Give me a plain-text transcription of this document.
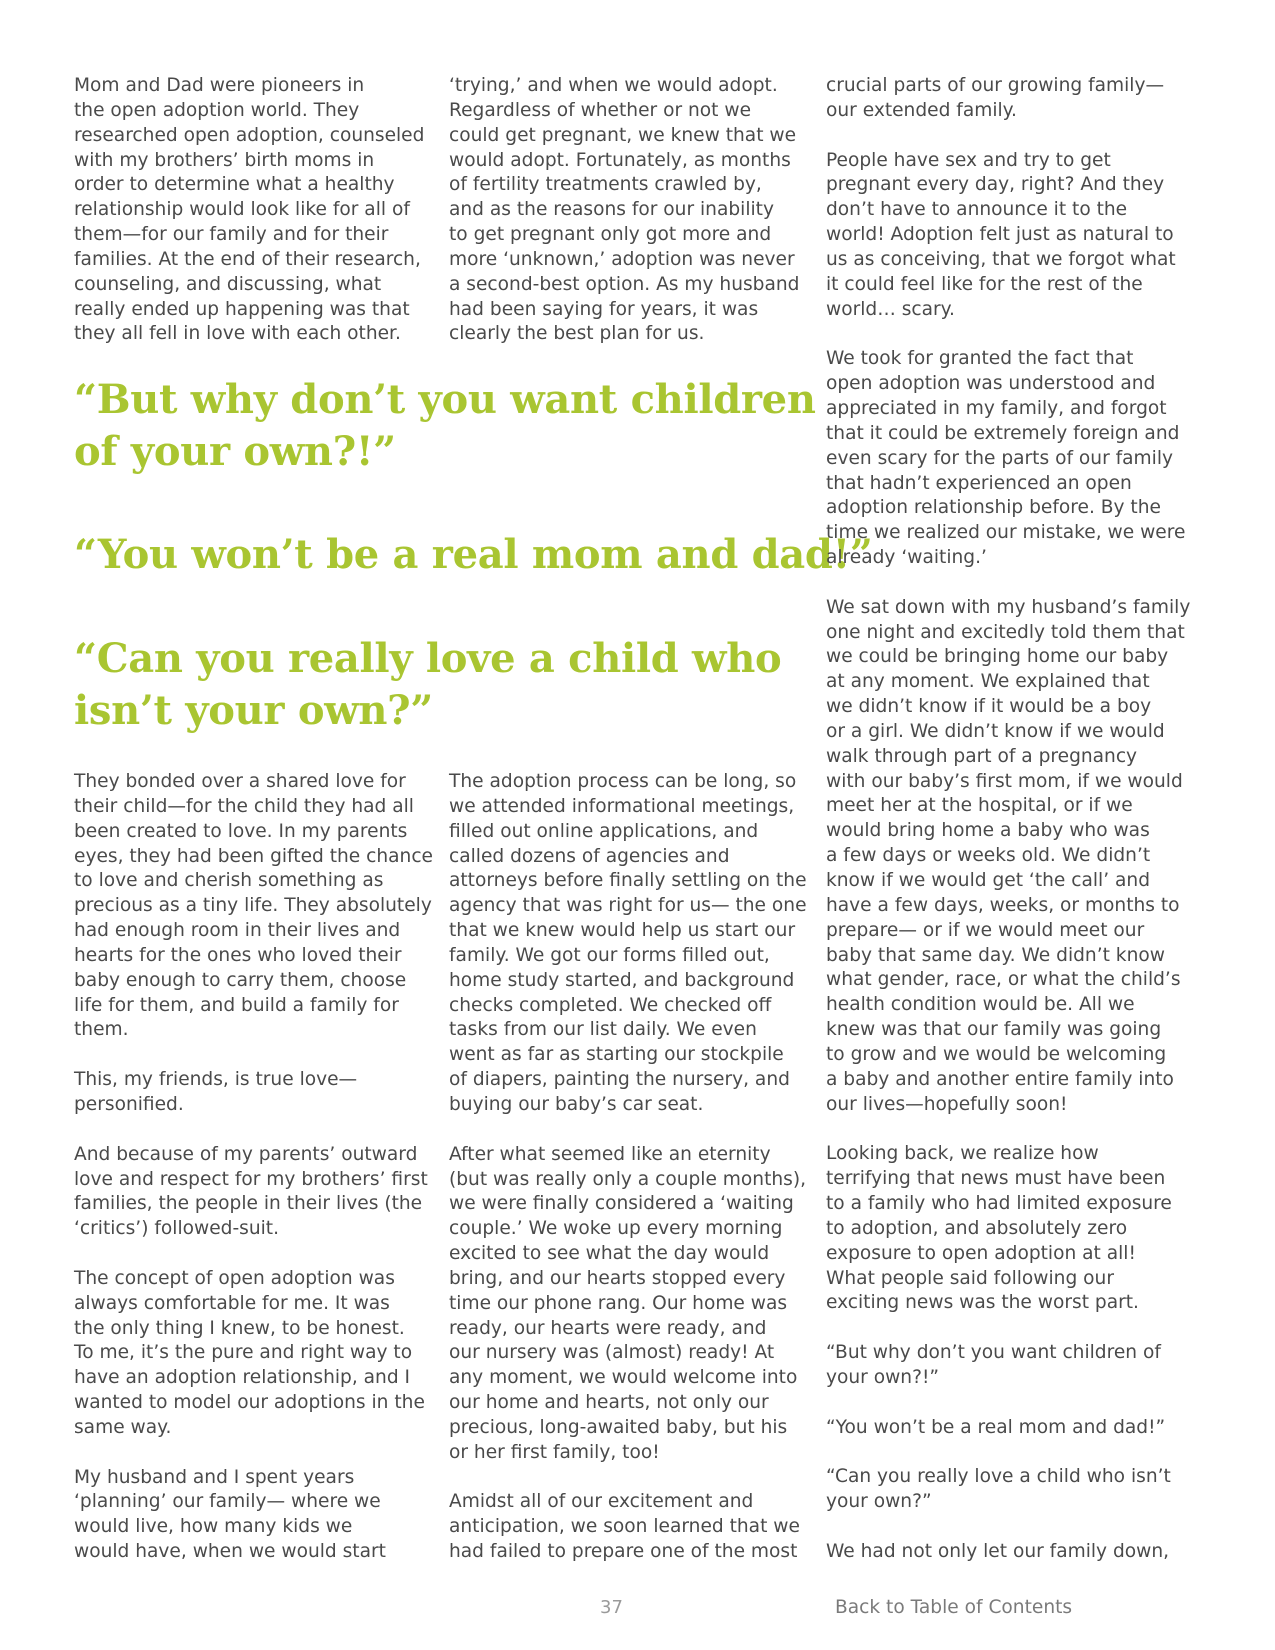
Mom and Dad were pioneers in
the open adoption world. They
researched open adoption, counseled
with my brothers’ birth moms in
order to determine what a healthy
relationship would look like for all of
them—for our family and for their
families. At the end of their research,
counseling, and discussing, what
really ended up happening was that
they all fell in love with each other.

‘trying,’ and when we would adopt.
Regardless of whether or not we
could get pregnant, we knew that we
would adopt. Fortunately, as months
of fertility treatments crawled by,
and as the reasons for our inability
to get pregnant only got more and
more ‘unknown,’ adoption was never
a second-best option. As my husband
had been saying for years, it was
clearly the best plan for us.

“But why don’t you want children
of your own?!”
“You won’t be a real mom and dad!”
“Can you really love a child who
isn’t your own?”

They bonded over a shared love for
their child—for the child they had all
been created to love. In my parents
eyes, they had been gifted the chance
to love and cherish something as
precious as a tiny life. They absolutely
had enough room in their lives and
hearts for the ones who loved their
baby enough to carry them, choose
life for them, and build a family for
them.

This, my friends, is true love—
personified.

And because of my parents’ outward
love and respect for my brothers’ first
families, the people in their lives (the
‘critics’) followed-suit.

The concept of open adoption was
always comfortable for me. It was
the only thing I knew, to be honest.
To me, it’s the pure and right way to
have an adoption relationship, and I
wanted to model our adoptions in the
same way.

My husband and I spent years
‘planning’ our family— where we
would live, how many kids we
would have, when we would start

The adoption process can be long, so
we attended informational meetings,
filled out online applications, and
called dozens of agencies and
attorneys before finally settling on the
agency that was right for us— the one
that we knew would help us start our
family. We got our forms filled out,
home study started, and background
checks completed. We checked off
tasks from our list daily. We even
went as far as starting our stockpile
of diapers, painting the nursery, and
buying our baby’s car seat.

After what seemed like an eternity
(but was really only a couple months),
we were finally considered a ‘waiting
couple.’ We woke up every morning
excited to see what the day would
bring, and our hearts stopped every
time our phone rang. Our home was
ready, our hearts were ready, and
our nursery was (almost) ready! At
any moment, we would welcome into
our home and hearts, not only our
precious, long-awaited baby, but his
or her first family, too!

Amidst all of our excitement and
anticipation, we soon learned that we
had failed to prepare one of the most

crucial parts of our growing family—
our extended family.

People have sex and try to get
pregnant every day, right? And they
don’t have to announce it to the
world! Adoption felt just as natural to
us as conceiving, that we forgot what
it could feel like for the rest of the
world… scary.

We took for granted the fact that
open adoption was understood and
appreciated in my family, and forgot
that it could be extremely foreign and
even scary for the parts of our family
that hadn’t experienced an open
adoption relationship before. By the
time we realized our mistake, we were
already ‘waiting.’

We sat down with my husband’s family
one night and excitedly told them that
we could be bringing home our baby
at any moment. We explained that
we didn’t know if it would be a boy
or a girl. We didn’t know if we would
walk through part of a pregnancy
with our baby’s first mom, if we would
meet her at the hospital, or if we
would bring home a baby who was
a few days or weeks old. We didn’t
know if we would get ‘the call’ and
have a few days, weeks, or months to
prepare— or if we would meet our
baby that same day. We didn’t know
what gender, race, or what the child’s
health condition would be. All we
knew was that our family was going
to grow and we would be welcoming
a baby and another entire family into
our lives—hopefully soon!

Looking back, we realize how
terrifying that news must have been
to a family who had limited exposure
to adoption, and absolutely zero
exposure to open adoption at all!
What people said following our
exciting news was the worst part.

“But why don’t you want children of
your own?!”

“You won’t be a real mom and dad!”

“Can you really love a child who isn’t
your own?”

We had not only let our family down,

37	Back to Table of Contents
